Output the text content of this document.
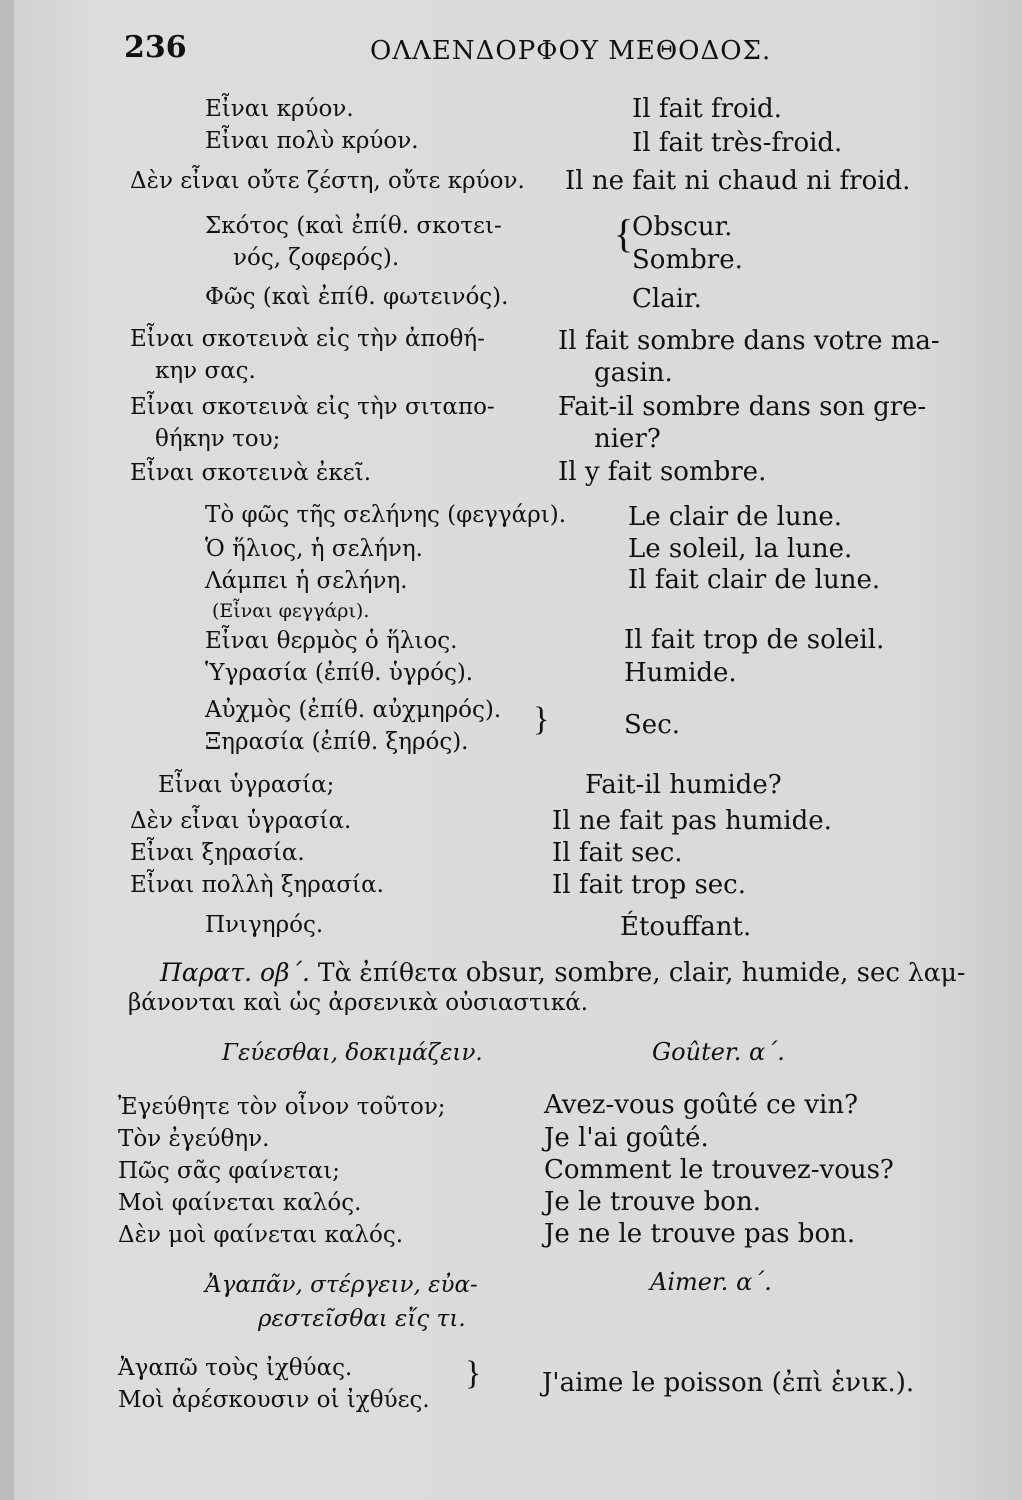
236	ΟΛΛΕΝΔΟΡΦΟΥ ΜΕΘΟΔΟΣ.
Εἶναι κρύον.
Εἶναι πολὺ κρύον.
Δὲν εἶναι οὔτε ζέστη, οὔτε κρύον.
Σκότος (καὶ ἐπίθ. σκοτει-
νός, ζοφερός).
Φῶς (καὶ ἐπίθ. φωτεινός).
Εἶναι σκοτεινὰ εἰς τὴν ἀποθή-
κην σας.
Εἶναι σκοτεινὰ εἰς τὴν σιταπο-
θήκην του;
Εἶναι σκοτεινὰ ἐκεῖ.
Τὸ φῶς τῆς σελήνης (φεγγάρι).
Ὁ ἥλιος, ἡ σελήνη.
Λάμπει ἡ σελήνη.
(Εἶναι φεγγάρι).
Εἶναι θερμὸς ὁ ἥλιος.
Ὑγρασία (ἐπίθ. ὑγρός).
Αὐχμὸς (ἐπίθ. αὐχμηρός).
Ξηρασία (ἐπίθ. ξηρός).
Εἶναι ὑγρασία;
Δὲν εἶναι ὑγρασία.
Εἶναι ξηρασία.
Εἶναι πολλὴ ξηρασία.
Πνιγηρός.
{
}
}
Il fait froid.
Il fait très-froid.
Il ne fait ni chaud ni froid.
Obscur.
Sombre.
Clair.
Il fait sombre dans votre ma-
gasin.
Fait-il sombre dans son gre-
nier?
Il y fait sombre.
Le clair de lune.
Le soleil, la lune.
Il fait clair de lune.
Il fait trop de soleil.
Humide.
Sec.
Fait-il humide?
Il ne fait pas humide.
Il fait sec.
Il fait trop sec.
Étouffant.
Παρατ. οβ΄. Τὰ ἐπίθετα obsur, sombre, clair, humide, sec λαμ-
βάνονται καὶ ὡς ἀρσενικὰ οὐσιαστικά.
Γεύεσθαι, δοκιμάζειν.	Goûter. α΄.
Ἐγεύθητε τὸν οἶνον τοῦτον;
Τὸν ἐγεύθην.
Πῶς σᾶς φαίνεται;
Μοὶ φαίνεται καλός.
Δὲν μοὶ φαίνεται καλός.
Avez-vous goûté ce vin?
Je l'ai goûté.
Comment le trouvez-vous?
Je le trouve bon.
Je ne le trouve pas bon.
Ἀγαπᾶν, στέργειν, εὐα-
ρεστεῖσθαι εἴς τι.
Aimer. α΄.
Ἀγαπῶ τοὺς ἰχθύας.
Μοὶ ἀρέσκουσιν οἱ ἰχθύες.
J'aime le poisson (ἐπὶ ἑνικ.).
